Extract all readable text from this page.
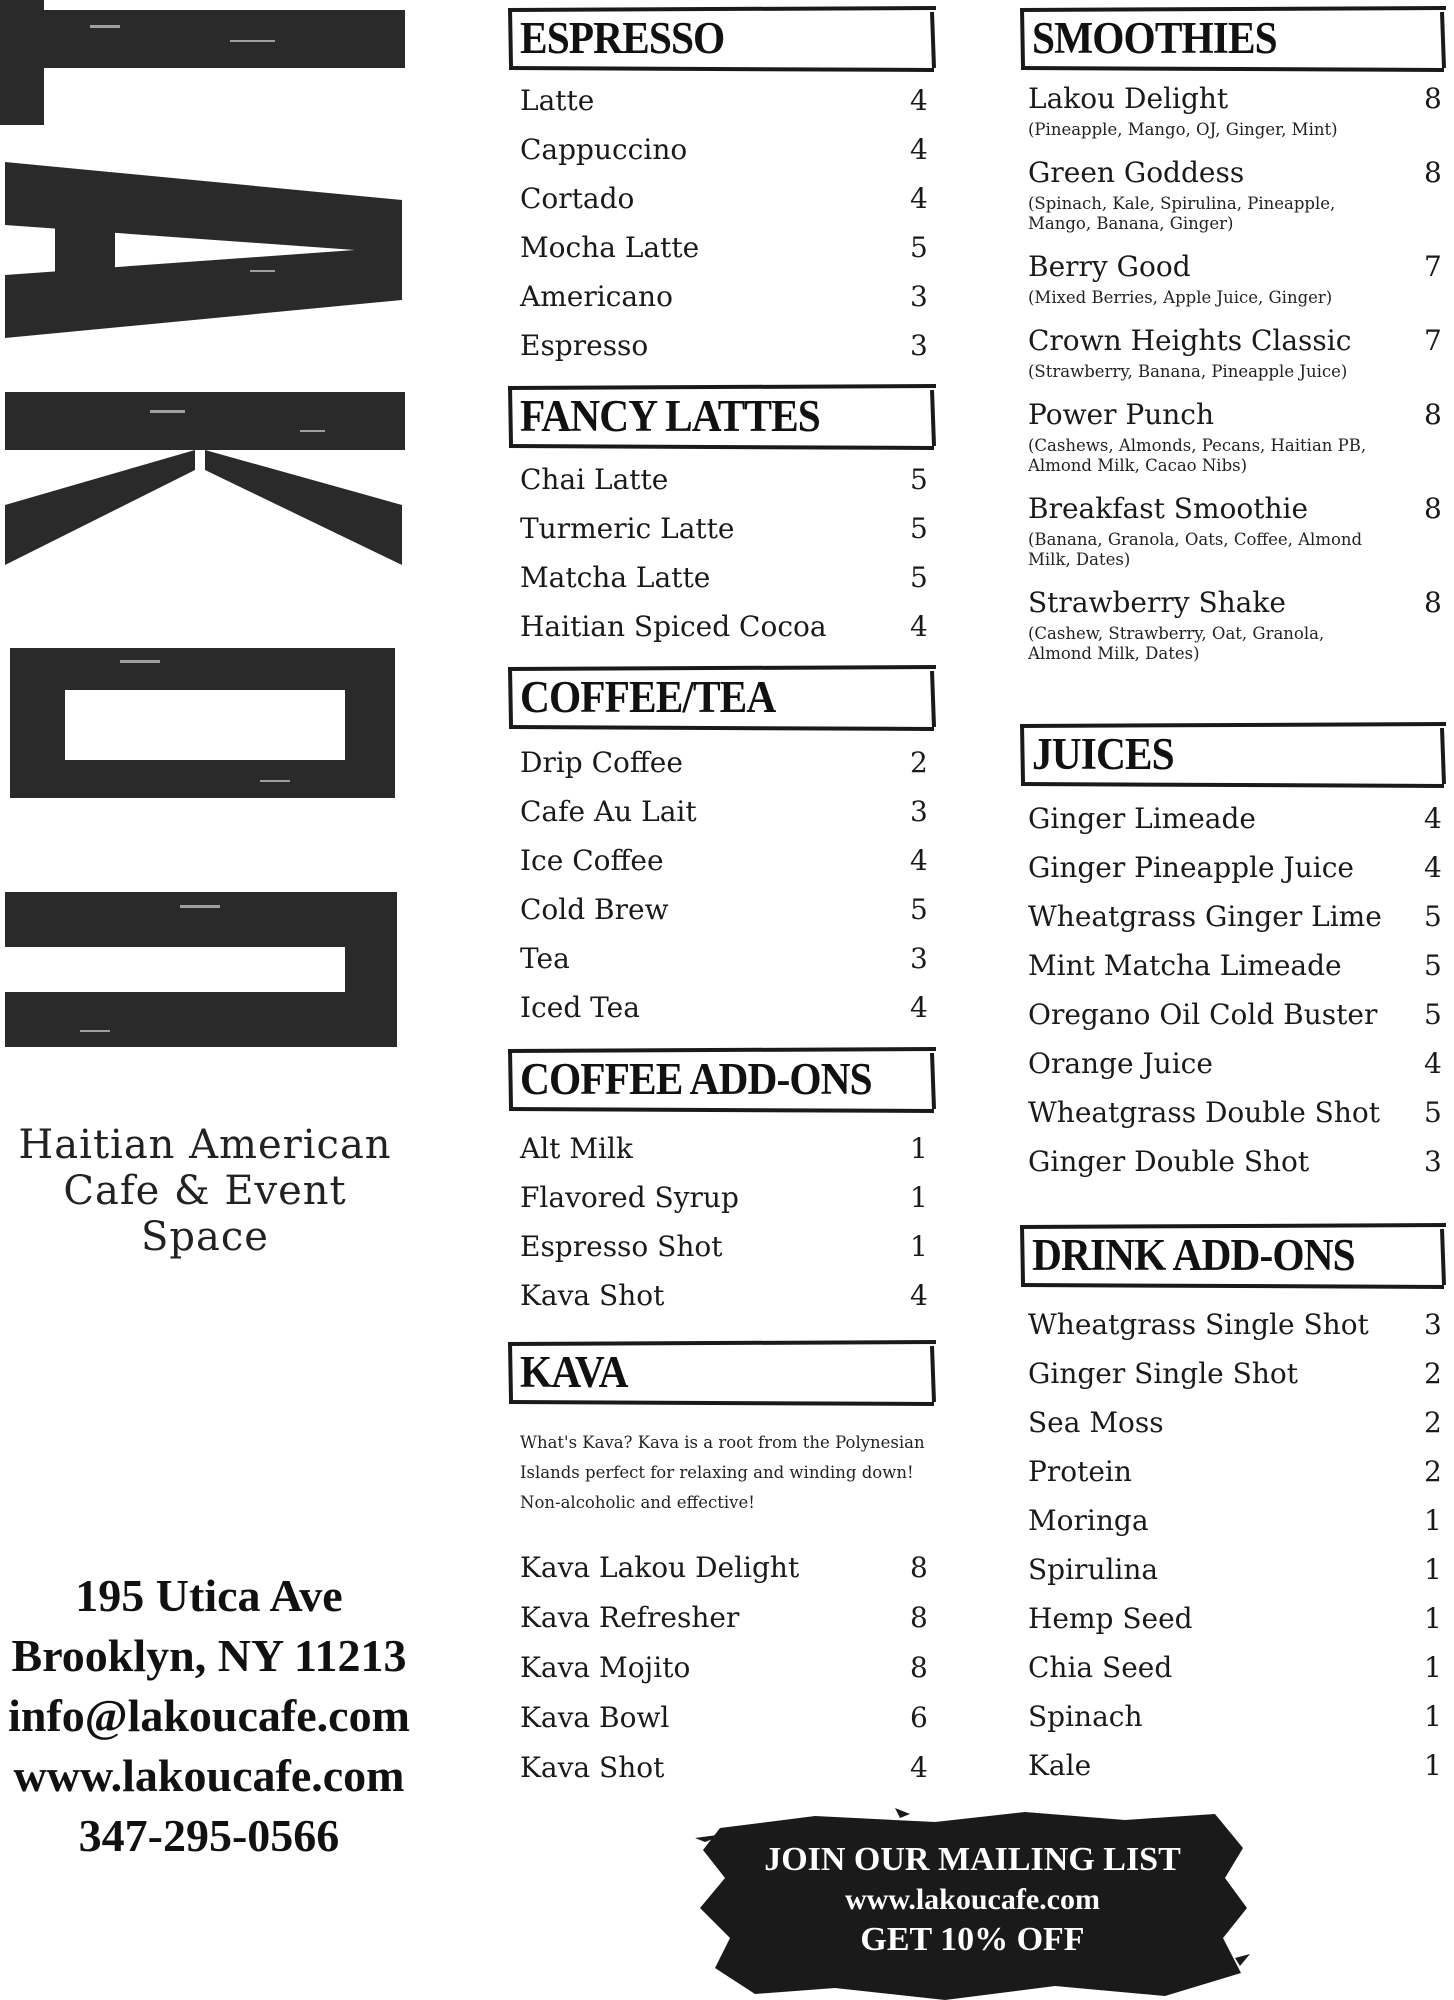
Haitian American
Cafe & Event Space
195 Utica Ave
Brooklyn, NY 11213
info@lakoucafe.com
www.lakoucafe.com
347-295-0566
ESPRESSO
FANCY LATTES
COFFEE/TEA
COFFEE ADD-ONS
KAVA
What's Kava? Kava is a root from the Polynesian
Islands perfect for relaxing and winding down!
Non-alcoholic and effective!
SMOOTHIES
JUICES
DRINK ADD-ONS
Latte	4
Cappuccino	4
Cortado	4
Mocha Latte	5
Americano	3
Espresso	3
Chai Latte	5
Turmeric Latte	5
Matcha Latte	5
Haitian Spiced Cocoa	4
Drip Coffee	2
Cafe Au Lait	3
Ice Coffee	4
Cold Brew	5
Tea	3
Iced Tea	4
Alt Milk	1
Flavored Syrup	1
Espresso Shot	1
Kava Shot	4
Kava Lakou Delight	8
Kava Refresher	8
Kava Mojito	8
Kava Bowl	6
Kava Shot	4
Lakou Delight	8
(Pineapple, Mango, OJ, Ginger, Mint)
Green Goddess	8
(Spinach, Kale, Spirulina, Pineapple, Mango, Banana, Ginger)
Berry Good	7
(Mixed Berries, Apple Juice, Ginger)
Crown Heights Classic	7
(Strawberry, Banana, Pineapple Juice)
Power Punch	8
(Cashews, Almonds, Pecans, Haitian PB, Almond Milk, Cacao Nibs)
Breakfast Smoothie	8
(Banana, Granola, Oats, Coffee, Almond Milk, Dates)
Strawberry Shake	8
(Cashew, Strawberry, Oat, Granola, Almond Milk, Dates)
Ginger Limeade	4
Ginger Pineapple Juice	4
Wheatgrass Ginger Lime 5
Mint Matcha Limeade	5
Oregano Oil Cold Buster 5
Orange Juice	4
Wheatgrass Double Shot 5
Ginger Double Shot	3
Wheatgrass Single Shot 3
Ginger Single Shot	2
Sea Moss	2
Protein	2
Moringa	1
Spirulina	1
Hemp Seed	1
Chia Seed	1
Spinach	1
Kale	1
JOIN OUR MAILING LIST
www.lakoucafe.com
GET 10% OFF
